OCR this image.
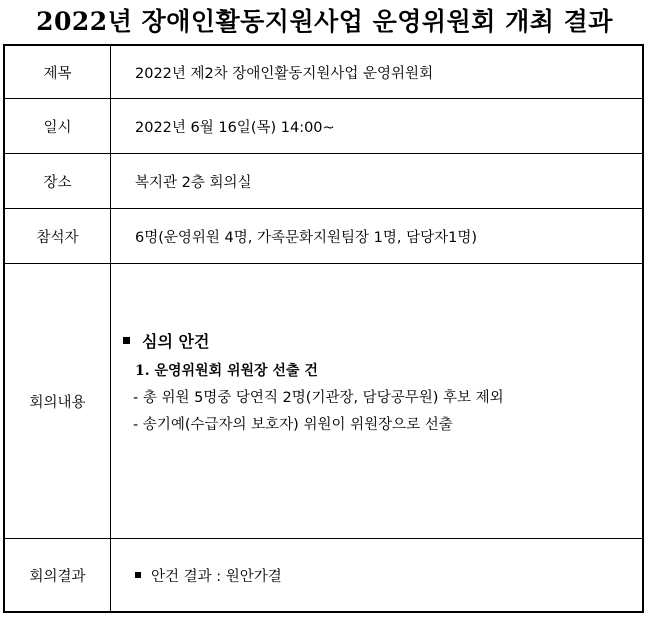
2022년 장애인활동지원사업 운영위원회 개최 결과
제목	2022년 제2차 장애인활동지원사업 운영위원회
일시	2022년 6월 16일(목) 14:00~
장소	복지관 2층 회의실
참석자	6명(운영위원 4명, 가족문화지원팀장 1명, 담당자1명)
회의내용	심의 안건
1. 운영위원회 위원장 선출 건
- 총 위원 5명중 당연직 2명(기관장, 담당공무원) 후보 제외
- 송기예(수급자의 보호자) 위원이 위원장으로 선출

회의결과	안건 결과 : 원안가결
